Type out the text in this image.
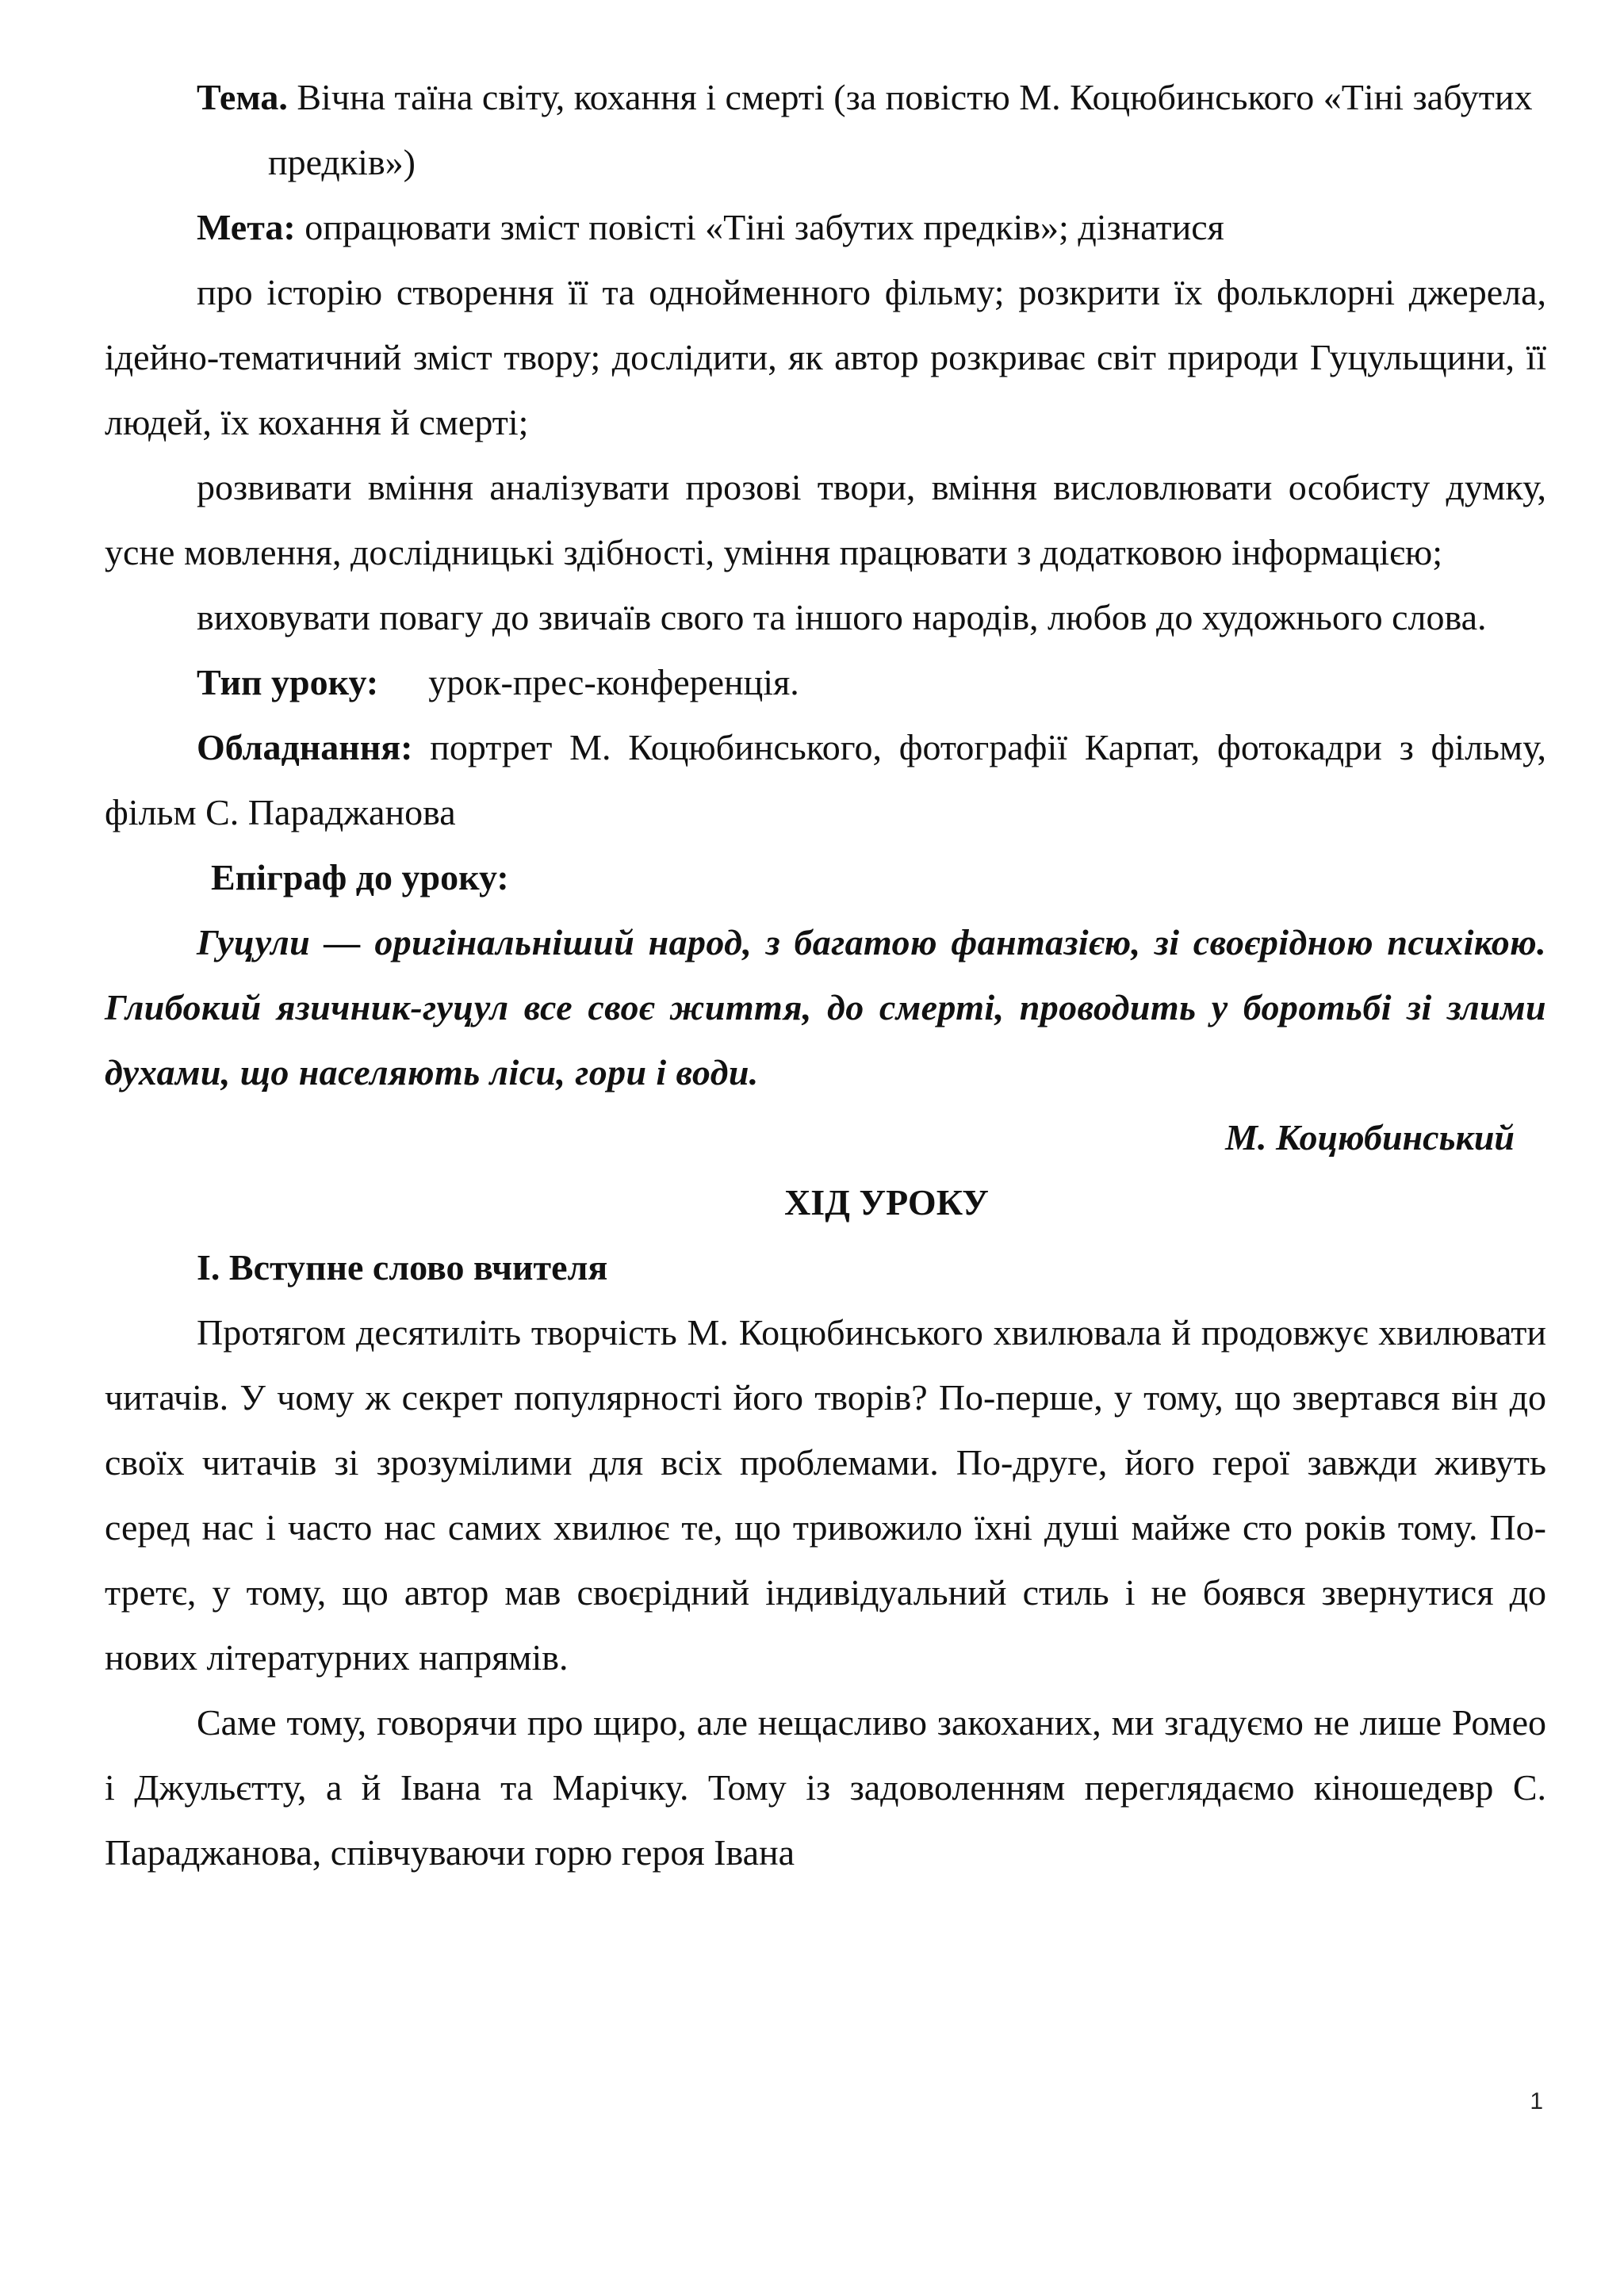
Тема. Вічна таїна світу, кохання і смерті (за повістю М. Коцюбинського «Тіні забутих предків»)

Мета: опрацювати зміст повісті «Тіні забутих предків»; дізнатися

про історію створення її та однойменного фільму; розкрити їх фольклорні джерела, ідейно-тематичний зміст твору; дослідити, як автор розкриває світ природи Гуцульщини, її людей, їх кохання й смерті;

розвивати вміння аналізувати прозові твори, вміння висловлювати особисту думку, усне мовлення, дослідницькі здібності, уміння працювати з додатковою інформацією;

виховувати повагу до звичаїв свого та іншого народів, любов до художнього слова.

Тип уроку: урок-прес-конференція.

Обладнання: портрет М. Коцюбинського, фотографії Карпат, фотокадри з фільму, фільм С. Параджанова

Епіграф до уроку:

Гуцули — оригінальніший народ, з багатою фантазією, зі своєрідною психікою. Глибокий язичник-гуцул все своє життя, до смерті, проводить у боротьбі зі злими духами, що населяють ліси, гори і води.

М. Коцюбинський

ХІД УРОКУ

І. Вступне слово вчителя

Протягом десятиліть творчість М. Коцюбинського хвилювала й продовжує хвилювати читачів. У чому ж секрет популярності його творів? По-перше, у тому, що звертався він до своїх читачів зі зрозумілими для всіх проблемами. По-друге, його герої завжди живуть серед нас і часто нас самих хвилює те, що тривожило їхні душі майже сто років тому. По-третє, у тому, що автор мав своєрідний індивідуальний стиль і не боявся звернутися до нових літературних напрямів.

Саме тому, говорячи про щиро, але нещасливо закоханих, ми згадуємо не лише Ромео і Джульєтту, а й Івана та Марічку. Тому із задоволенням переглядаємо кіношедевр С. Параджанова, співчуваючи горю героя Івана

1
